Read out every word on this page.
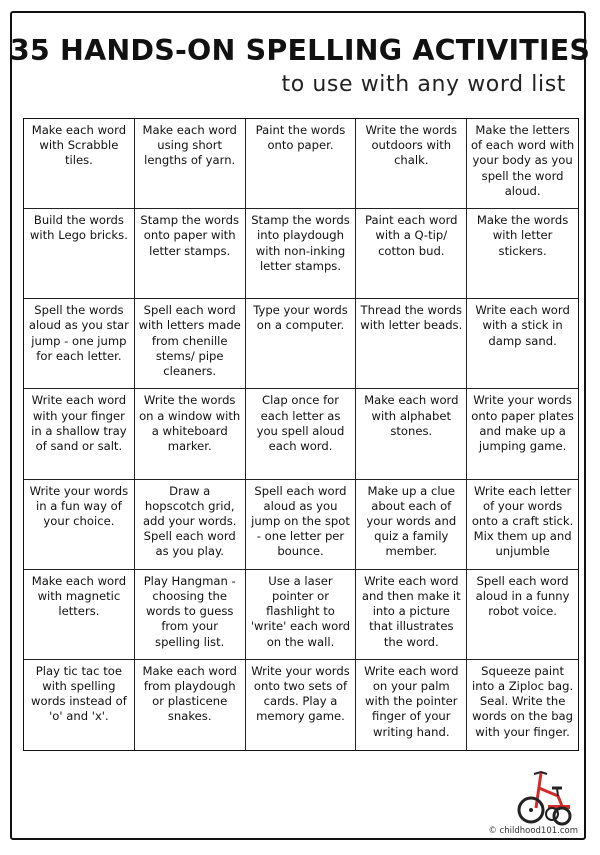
35 HANDS-ON SPELLING ACTIVITIES
to use with any word list
Make each word with Scrabble tiles.
Make each word using short lengths of yarn.
Paint the words onto paper.
Write the words outdoors with chalk.
Make the letters of each word with your body as you spell the word aloud.
Build the words with Lego bricks.
Stamp the words onto paper with letter stamps.
Stamp the words into playdough with non-inking letter stamps.
Paint each word with a Q-tip/ cotton bud.
Make the words with letter stickers.
Spell the words aloud as you star jump - one jump for each letter.
Spell each word with letters made from chenille stems/ pipe cleaners.
Type your words on a computer.
Thread the words with letter beads.
Write each word with a stick in damp sand.
Write each word with your finger in a shallow tray of sand or salt.
Write the words on a window with a whiteboard marker.
Clap once for each letter as you spell aloud each word.
Make each word with alphabet stones.
Write your words onto paper plates and make up a jumping game.
Write your words in a fun way of your choice.
Draw a hopscotch grid, add your words. Spell each word as you play.
Spell each word aloud as you jump on the spot - one letter per bounce.
Make up a clue about each of your words and quiz a family member.
Write each letter of your words onto a craft stick. Mix them up and unjumble
Make each word with magnetic letters.
Play Hangman - choosing the words to guess from your spelling list.
Use a laser pointer or flashlight to 'write' each word on the wall.
Write each word and then make it into a picture that illustrates the word.
Spell each word aloud in a funny robot voice.
Play tic tac toe with spelling words instead of 'o' and 'x'.
Make each word from playdough or plasticene snakes.
Write your words onto two sets of cards. Play a memory game.
Write each word on your palm with the pointer finger of your writing hand.
Squeeze paint into a Ziploc bag. Seal. Write the words on the bag with your finger.
© childhood101.com
